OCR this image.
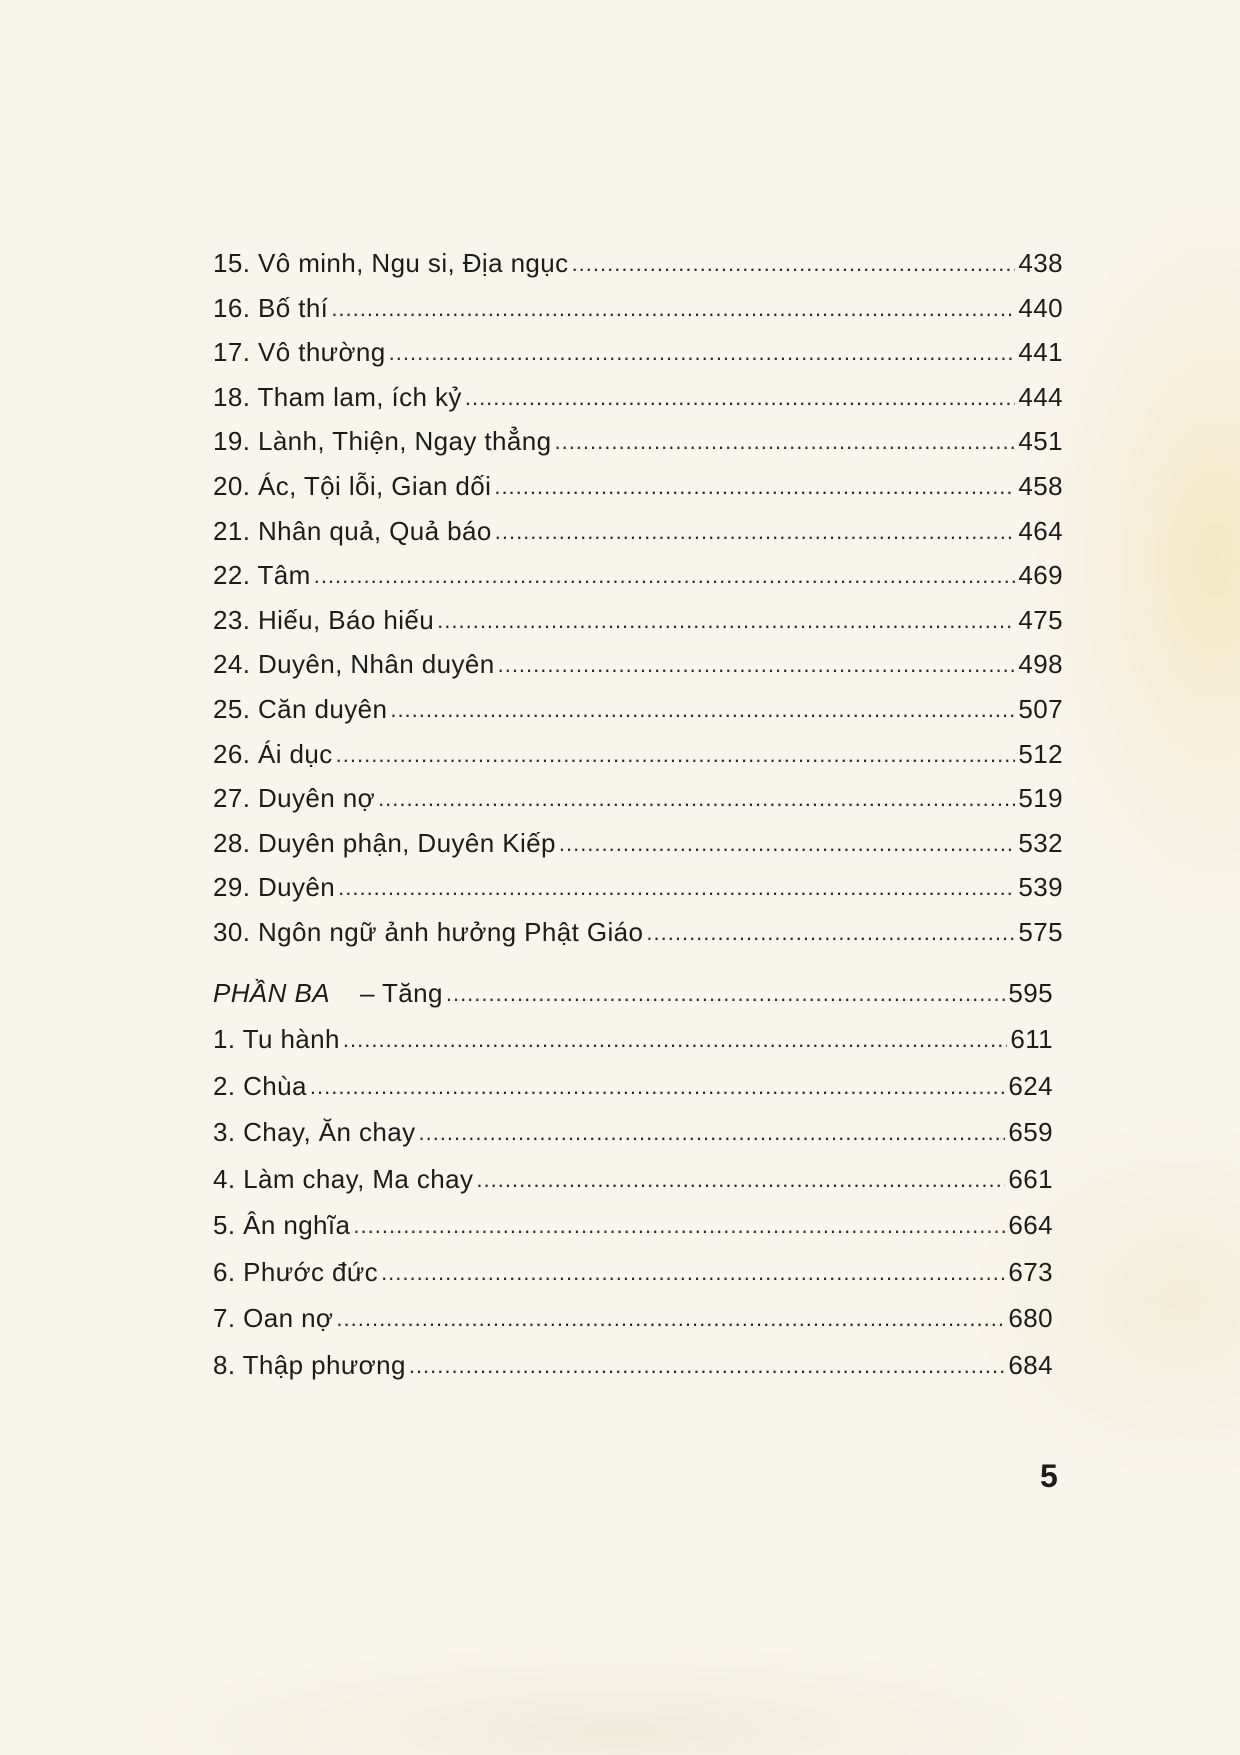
15. Vô minh, Ngu si, Địa ngục .....	438
16. Bố thí .....	440
17. Vô thường .....	441
18. Tham lam, ích kỷ .....	444
19. Lành, Thiện, Ngay thẳng .....	451
20. Ác, Tội lỗi, Gian dối .....	458
21. Nhân quả, Quả báo .....	464
22. Tâm .....	469
23. Hiếu, Báo hiếu .....	475
24. Duyên, Nhân duyên .....	498
25. Căn duyên .....	507
26. Ái dục .....	512
27. Duyên nợ .....	519
28. Duyên phận, Duyên Kiếp .....	532
29. Duyên .....	539
30. Ngôn ngữ ảnh hưởng Phật Giáo .....	575
PHẦN BA – Tăng .....	595
1. Tu hành .....	611
2. Chùa .....	624
3. Chay, Ăn chay .....	659
4. Làm chay, Ma chay .....	661
5. Ân nghĩa .....	664
6. Phước đức .....	673
7. Oan nợ .....	680
8. Thập phương .....	684
5
